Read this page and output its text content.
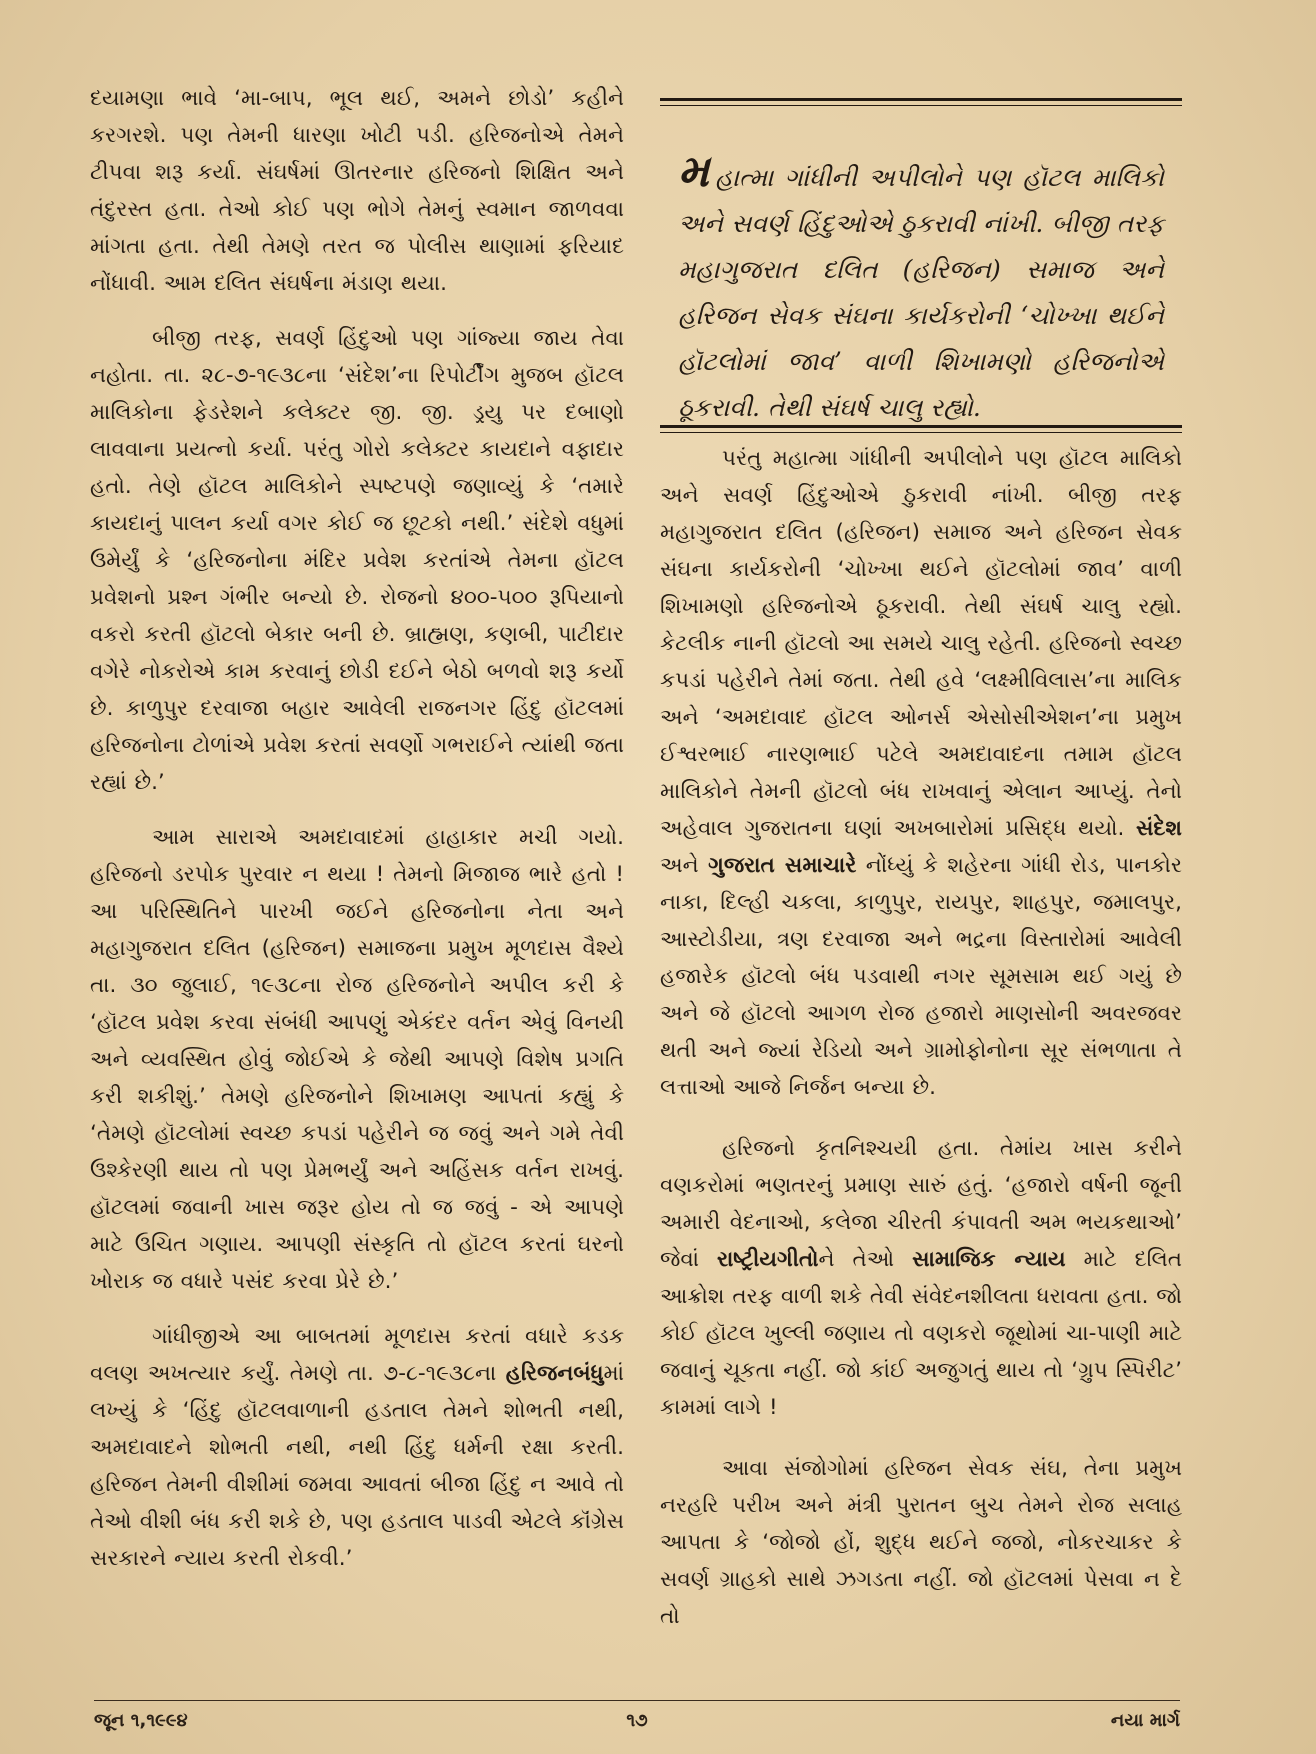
દયામણા ભાવે ‘મા-બાપ, ભૂલ થઈ, અમને છોડો’ કહીને કરગરશે. પણ તેમની ધારણા ખોટી પડી. હરિજનોએ તેમને ટીપવા શરૂ કર્યા. સંઘર્ષમાં ઊતરનાર હરિજનો શિક્ષિત અને તંદુરસ્ત હતા. તેઓ કોઈ પણ ભોગે તેમનું સ્વમાન જાળવવા માંગતા હતા. તેથી તેમણે તરત જ પોલીસ થાણામાં ફરિયાદ નોંધાવી. આમ દલિત સંઘર્ષના મંડાણ થયા.

બીજી તરફ, સવર્ણ હિંદુઓ પણ ગાંજ્યા જાય તેવા નહોતા. તા. ૨૮-૭-૧૯૩૮ના ‘સંદેશ’ના રિપોર્ટીંગ મુજબ હૉટલ માલિકોના ફેડરેશને કલેક્ટર જી. જી. ડ્રયુ પર દબાણો લાવવાના પ્રયત્નો કર્યા. પરંતુ ગોરો કલેક્ટર કાયદાને વફાદાર હતો. તેણે હૉટલ માલિકોને સ્પષ્ટપણે જણાવ્યું કે ‘તમારે કાયદાનું પાલન કર્યા વગર કોઈ જ છૂટકો નથી.’ સંદેશે વધુમાં ઉમેર્યું કે ‘હરિજનોના મંદિર પ્રવેશ કરતાંએ તેમના હૉટલ પ્રવેશનો પ્રશ્ન ગંભીર બન્યો છે. રોજનો ૪૦૦-૫૦૦ રૂપિયાનો વકરો કરતી હૉટલો બેકાર બની છે. બ્રાહ્મણ, કણબી, પાટીદાર વગેરે નોકરોએ કામ કરવાનું છોડી દઈને બેઠો બળવો શરૂ કર્યો છે. કાળુપુર દરવાજા બહાર આવેલી રાજનગર હિંદુ હૉટલમાં હરિજનોના ટોળાંએ પ્રવેશ કરતાં સવર્ણો ગભરાઈને ત્યાંથી જતા રહ્યાં છે.’

આમ સારાએ અમદાવાદમાં હાહાકાર મચી ગયો. હરિજનો ડરપોક પુરવાર ન થયા ! તેમનો મિજાજ ભારે હતો ! આ પરિસ્થિતિને પારખી જઈને હરિજનોના નેતા અને મહાગુજરાત દલિત (હરિજન) સમાજના પ્રમુખ મૂળદાસ વૈશ્યે તા. ૩૦ જુલાઈ, ૧૯૩૮ના રોજ હરિજનોને અપીલ કરી કે ‘હૉટલ પ્રવેશ કરવા સંબંધી આપણું એકંદર વર્તન એવું વિનયી અને વ્યવસ્થિત હોવું જોઈએ કે જેથી આપણે વિશેષ પ્રગતિ કરી શકીશું.’ તેમણે હરિજનોને શિખામણ આપતાં કહ્યું કે ‘તેમણે હૉટલોમાં સ્વચ્છ કપડાં પહેરીને જ જવું અને ગમે તેવી ઉશ્કેરણી થાય તો પણ પ્રેમભર્યું અને અહિંસક વર્તન રાખવું. હૉટલમાં જવાની ખાસ જરૂર હોય તો જ જવું - એ આપણે માટે ઉચિત ગણાય. આપણી સંસ્કૃતિ તો હૉટલ કરતાં ઘરનો ખોરાક જ વધારે પસંદ કરવા પ્રેરે છે.’

ગાંધીજીએ આ બાબતમાં મૂળદાસ કરતાં વધારે કડક વલણ અખત્યાર કર્યું. તેમણે તા. ૭-૮-૧૯૩૮ના હરિજનબંધુમાં લખ્યું કે ‘હિંદુ હૉટલવાળાની હડતાલ તેમને શોભતી નથી, અમદાવાદને શોભતી નથી, નથી હિંદુ ધર્મની રક્ષા કરતી. હરિજન તેમની વીશીમાં જમવા આવતાં બીજા હિંદુ ન આવે તો તેઓ વીશી બંધ કરી શકે છે, પણ હડતાલ પાડવી એટલે કૉંગ્રેસ સરકારને ન્યાય કરતી રોકવી.’

મહાત્મા ગાંધીની અપીલોને પણ હૉટલ માલિકો અને સવર્ણ હિંદુઓએ ઠુકરાવી નાંખી. બીજી તરફ મહાગુજરાત દલિત (હરિજન) સમાજ અને હરિજન સેવક સંઘના કાર્યકરોની ‘ચોખ્ખા થઈને હૉટલોમાં જાવ’ વાળી શિખામણો હરિજનોએ ઠૂકરાવી. તેથી સંઘર્ષ ચાલુ રહ્યો.

પરંતુ મહાત્મા ગાંધીની અપીલોને પણ હૉટલ માલિકો અને સવર્ણ હિંદુઓએ ઠુકરાવી નાંખી. બીજી તરફ મહાગુજરાત દલિત (હરિજન) સમાજ અને હરિજન સેવક સંઘના કાર્યકરોની ‘ચોખ્ખા થઈને હૉટલોમાં જાવ’ વાળી શિખામણો હરિજનોએ ઠૂકરાવી. તેથી સંઘર્ષ ચાલુ રહ્યો. કેટલીક નાની હૉટલો આ સમયે ચાલુ રહેતી. હરિજનો સ્વચ્છ કપડાં પહેરીને તેમાં જતા. તેથી હવે ‘લક્ષ્મીવિલાસ’ના માલિક અને ‘અમદાવાદ હૉટલ ઓનર્સ એસોસીએશન’ના પ્રમુખ ઈશ્વરભાઈ નારણભાઈ પટેલે અમદાવાદના તમામ હૉટલ માલિકોને તેમની હૉટલો બંધ રાખવાનું એલાન આપ્યું. તેનો અહેવાલ ગુજરાતના ઘણાં અખબારોમાં પ્રસિદ્ધ થયો. સંદેશ અને ગુજરાત સમાચારે નોંધ્યું કે શહેરના ગાંધી રોડ, પાનકોર નાકા, દિલ્હી ચકલા, કાળુપુર, રાયપુર, શાહપુર, જમાલપુર, આસ્ટોડીયા, ત્રણ દરવાજા અને ભદ્રના વિસ્તારોમાં આવેલી હજારેક હૉટલો બંધ પડવાથી નગર સૂમસામ થઈ ગયું છે અને જે હૉટલો આગળ રોજ હજારો માણસોની અવરજવર થતી અને જ્યાં રેડિયો અને ગ્રામોફોનોના સૂર સંભળાતા તે લત્તાઓ આજે નિર્જન બન્યા છે.

હરિજનો કૃતનિશ્ચયી હતા. તેમાંય ખાસ કરીને વણકરોમાં ભણતરનું પ્રમાણ સારું હતું. ‘હજારો વર્ષની જૂની અમારી વેદનાઓ, કલેજા ચીરતી કંપાવતી અમ ભયકથાઓ’ જેવાં રાષ્ટ્રીયગીતોને તેઓ સામાજિક ન્યાય માટે દલિત આક્રોશ તરફ વાળી શકે તેવી સંવેદનશીલતા ધરાવતા હતા. જો કોઈ હૉટલ ખુલ્લી જણાય તો વણકરો જૂથોમાં ચા-પાણી માટે જવાનું ચૂકતા નહીં. જો કાંઈ અજુગતું થાય તો ‘ગ્રુપ સ્પિરીટ’ કામમાં લાગે !

આવા સંજોગોમાં હરિજન સેવક સંઘ, તેના પ્રમુખ નરહરિ પરીખ અને મંત્રી પુરાતન બુચ તેમને રોજ સલાહ આપતા કે ‘જોજો હોં, શુદ્ધ થઈને જજો, નોકરચાકર કે સવર્ણ ગ્રાહકો સાથે ઝગડતા નહીં. જો હૉટલમાં પેસવા ન દે તો

જૂન ૧,૧૯૯૪	૧૭	નયા માર્ગ
